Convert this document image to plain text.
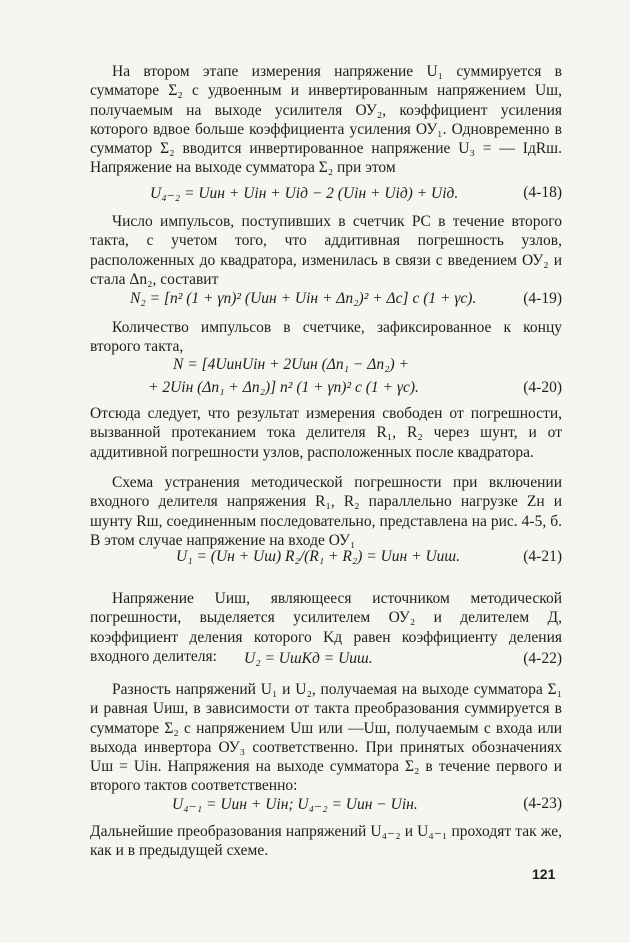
На втором этапе измерения напряжение U₁ суммируется в сумматоре Σ₂ с удвоенным и инвертированным напряжением Uш, получаемым на выходе усилителя ОУ₂, коэффициент усиления которого вдвое больше коэффициента усиления ОУ₁. Одновременно в сумматор Σ₂ вводится инвертированное напряжение U₃ = — IдRш. Напряжение на выходе сумматора Σ₂ при этом

U₄₋₂ = Uин + Uiн + Uiд − 2 (Uiн + Uiд) + Uiд.	(4-18)

Число импульсов, поступивших в счетчик PC в течение второго такта, с учетом того, что аддитивная погрешность узлов, расположенных до квадратора, изменилась в связи с введением ОУ₂ и стала Δn₂, составит

N₂ = [n² (1 + γn)² (Uин + Uiн + Δn₂)² + Δc] c (1 + γc).	(4-19)

Количество импульсов в счетчике, зафиксированное к концу второго такта,

N = [4UинUiн + 2Uин (Δn₁ − Δn₂) +
+ 2Uiн (Δn₁ + Δn₂)] n² (1 + γn)² c (1 + γc).	(4-20)

Отсюда следует, что результат измерения свободен от погрешности, вызванной протеканием тока делителя R₁, R₂ через шунт, и от аддитивной погрешности узлов, расположенных после квадратора.

Схема устранения методической погрешности при включении входного делителя напряжения R₁, R₂ параллельно нагрузке Zн и шунту Rш, соединенным последовательно, представлена на рис. 4-5, б. В этом случае напряжение на входе ОУ₁

U₁ = (Uн + Uш) R₂/(R₁ + R₂) = Uин + Uиш.	(4-21)

Напряжение Uиш, являющееся источником методической погрешности, выделяется усилителем ОУ₂ и делителем Д, коэффициент деления которого Kд равен коэффициенту деления входного делителя:	U₂ = UшKд = Uиш.	(4-22)

Разность напряжений U₁ и U₂, получаемая на выходе сумматора Σ₁ и равная Uиш, в зависимости от такта преобразования суммируется в сумматоре Σ₂ с напряжением Uш или —Uш, получаемым с входа или выхода инвертора ОУ₃ соответственно. При принятых обозначениях Uш = Uiн. Напряжения на выходе сумматора Σ₂ в течение первого и второго тактов соответственно:

U₄₋₁ = Uин + Uiн; U₄₋₂ = Uин − Uiн.	(4-23)

Дальнейшие преобразования напряжений U₄₋₂ и U₄₋₁ проходят так же, как и в предыдущей схеме.

121
